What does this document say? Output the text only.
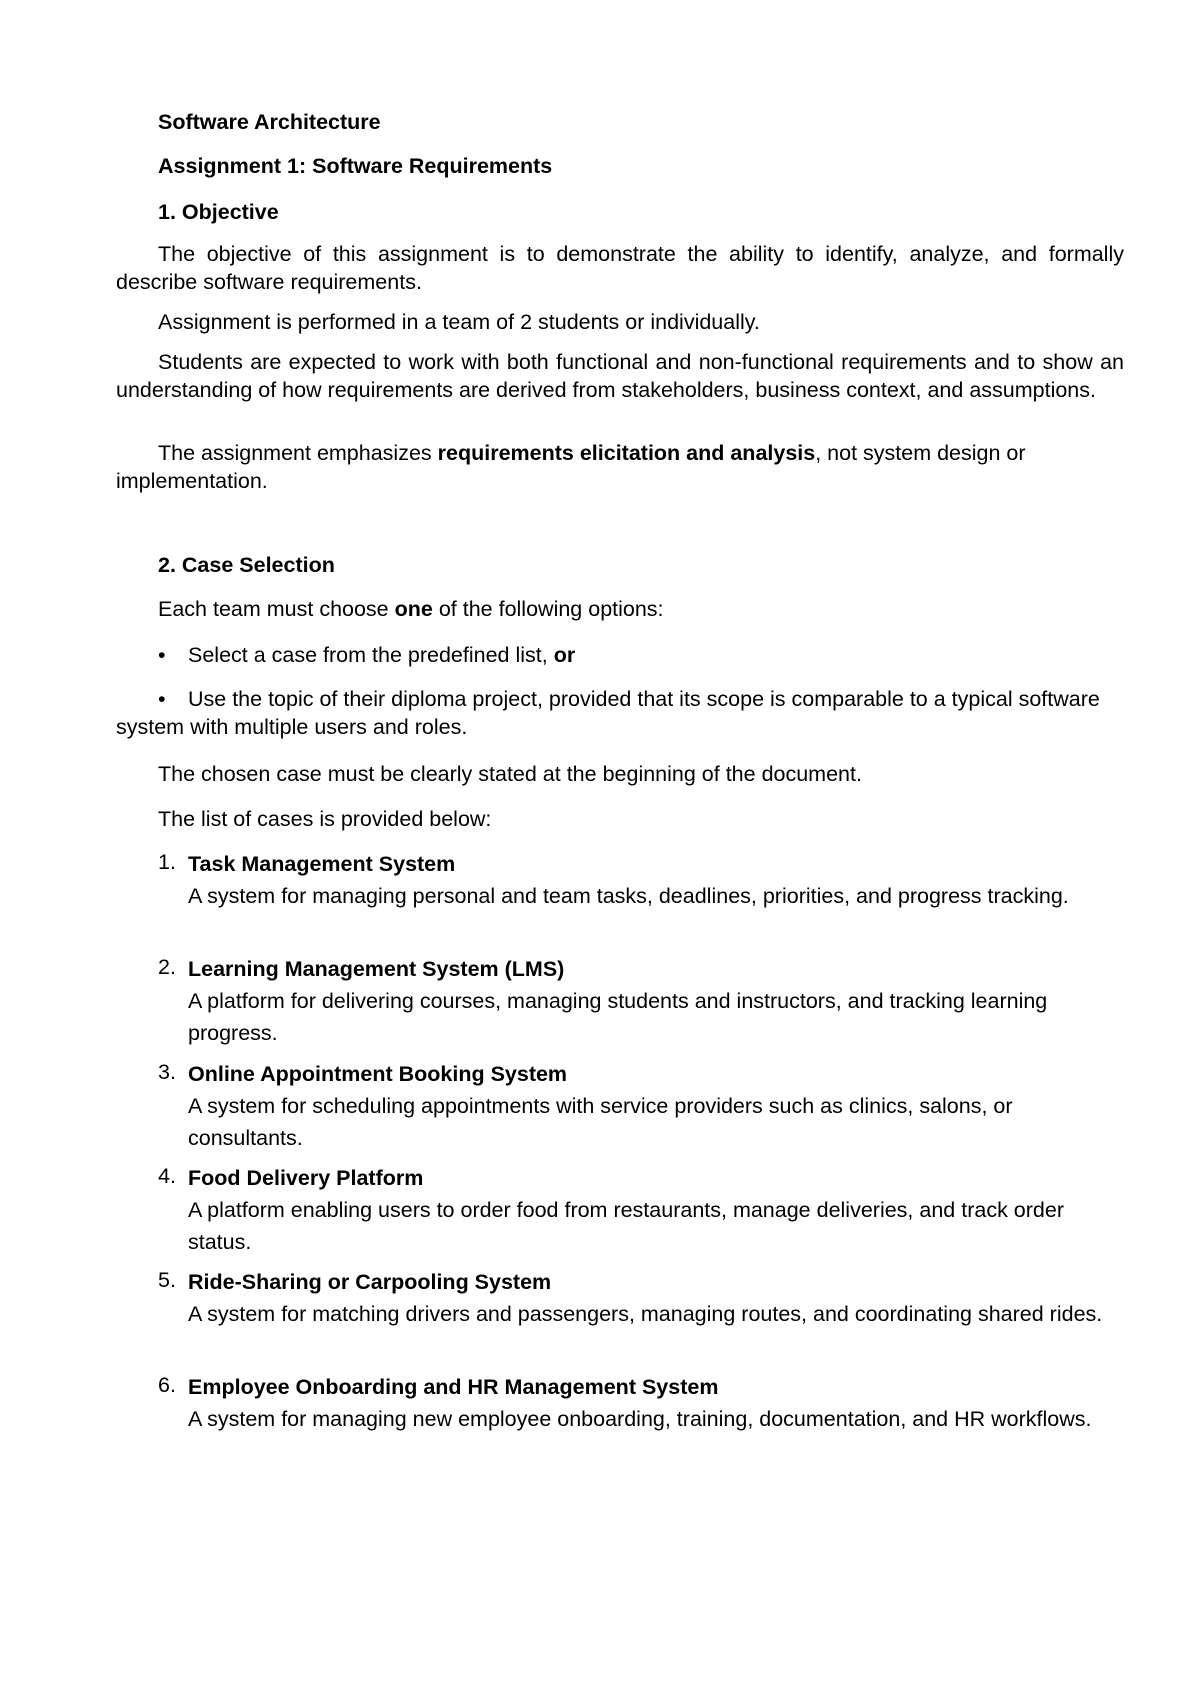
Software Architecture
Assignment 1: Software Requirements
1. Objective
The objective of this assignment is to demonstrate the ability to identify, analyze, and formally describe software requirements.
Assignment is performed in a team of 2 students or individually.
Students are expected to work with both functional and non-functional requirements and to show an understanding of how requirements are derived from stakeholders, business context, and assumptions.
The assignment emphasizes requirements elicitation and analysis, not system design or implementation.
2. Case Selection
Each team must choose one of the following options:
• Select a case from the predefined list, or
• Use the topic of their diploma project, provided that its scope is comparable to a typical software system with multiple users and roles.
The chosen case must be clearly stated at the beginning of the document.
The list of cases is provided below:
1. Task Management System
A system for managing personal and team tasks, deadlines, priorities, and progress tracking.
2. Learning Management System (LMS)
A platform for delivering courses, managing students and instructors, and tracking learning progress.
3. Online Appointment Booking System
A system for scheduling appointments with service providers such as clinics, salons, or consultants.
4. Food Delivery Platform
A platform enabling users to order food from restaurants, manage deliveries, and track order status.
5. Ride-Sharing or Carpooling System
A system for matching drivers and passengers, managing routes, and coordinating shared rides.
6. Employee Onboarding and HR Management System
A system for managing new employee onboarding, training, documentation, and HR workflows.
